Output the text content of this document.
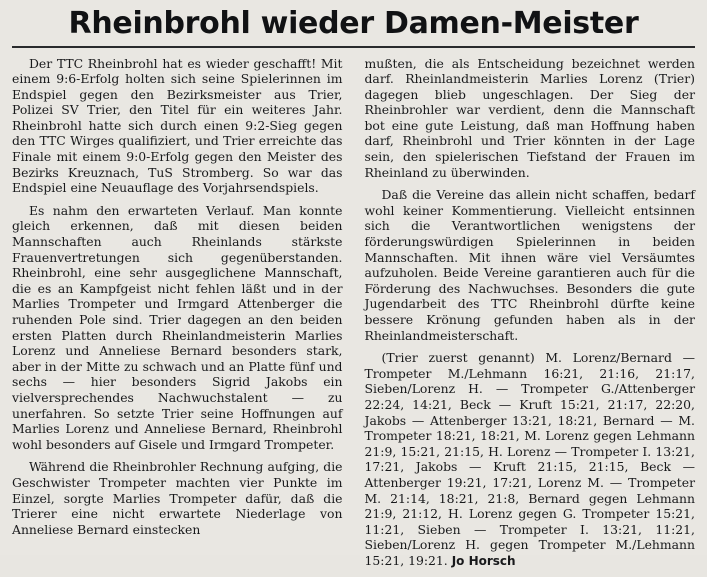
Rheinbrohl wieder Damen-Meister

Der TTC Rheinbrohl hat es wieder geschafft! Mit einem 9:6-Erfolg holten sich seine Spielerinnen im Endspiel gegen den Bezirksmeister aus Trier, Polizei SV Trier, den Titel für ein weiteres Jahr. Rheinbrohl hatte sich durch einen 9:2-Sieg gegen den TTC Wirges qualifiziert, und Trier erreichte das Finale mit einem 9:0-Erfolg gegen den Meister des Bezirks Kreuznach, TuS Stromberg. So war das Endspiel eine Neuauflage des Vorjahrsendspiels.

Es nahm den erwarteten Verlauf. Man konnte gleich erkennen, daß mit diesen beiden Mannschaften auch Rheinlands stärkste Frauenvertretungen sich gegenüberstanden. Rheinbrohl, eine sehr ausgeglichene Mannschaft, die es an Kampfgeist nicht fehlen läßt und in der Marlies Trompeter und Irmgard Attenberger die ruhenden Pole sind. Trier dagegen an den beiden ersten Platten durch Rheinlandmeisterin Marlies Lorenz und Anneliese Bernard besonders stark, aber in der Mitte zu schwach und an Platte fünf und sechs — hier besonders Sigrid Jakobs ein vielversprechendes Nachwuchstalent — zu unerfahren. So setzte Trier seine Hoffnungen auf Marlies Lorenz und Anneliese Bernard, Rheinbrohl wohl besonders auf Gisele und Irmgard Trompeter.

Während die Rheinbrohler Rechnung aufging, die Geschwister Trompeter machten vier Punkte im Einzel, sorgte Marlies Trompeter dafür, daß die Trierer eine nicht erwartete Niederlage von Anneliese Bernard einstecken

mußten, die als Entscheidung bezeichnet werden darf. Rheinlandmeisterin Marlies Lorenz (Trier) dagegen blieb ungeschlagen. Der Sieg der Rheinbrohler war verdient, denn die Mannschaft bot eine gute Leistung, daß man Hoffnung haben darf, Rheinbrohl und Trier könnten in der Lage sein, den spielerischen Tiefstand der Frauen im Rheinland zu überwinden.

Daß die Vereine das allein nicht schaffen, bedarf wohl keiner Kommentierung. Vielleicht entsinnen sich die Verantwortlichen wenigstens der förderungswürdigen Spielerinnen in beiden Mannschaften. Mit ihnen wäre viel Versäumtes aufzuholen. Beide Vereine garantieren auch für die Förderung des Nachwuchses. Besonders die gute Jugendarbeit des TTC Rheinbrohl dürfte keine bessere Krönung gefunden haben als in der Rheinlandmeisterschaft.

(Trier zuerst genannt) M. Lorenz/Bernard — Trompeter M./Lehmann 16:21, 21:16, 21:17, Sieben/Lorenz H. — Trompeter G./Attenberger 22:24, 14:21, Beck — Kruft 15:21, 21:17, 22:20, Jakobs — Attenberger 13:21, 18:21, Bernard — M. Trompeter 18:21, 18:21, M. Lorenz gegen Lehmann 21:9, 15:21, 21:15, H. Lorenz — Trompeter I. 13:21, 17:21, Jakobs — Kruft 21:15, 21:15, Beck — Attenberger 19:21, 17:21, Lorenz M. — Trompeter M. 21:14, 18:21, 21:8, Bernard gegen Lehmann 21:9, 21:12, H. Lorenz gegen G. Trompeter 15:21, 11:21, Sieben — Trompeter I. 13:21, 11:21, Sieben/Lorenz H. gegen Trompeter M./Lehmann 15:21, 19:21. Jo Horsch
